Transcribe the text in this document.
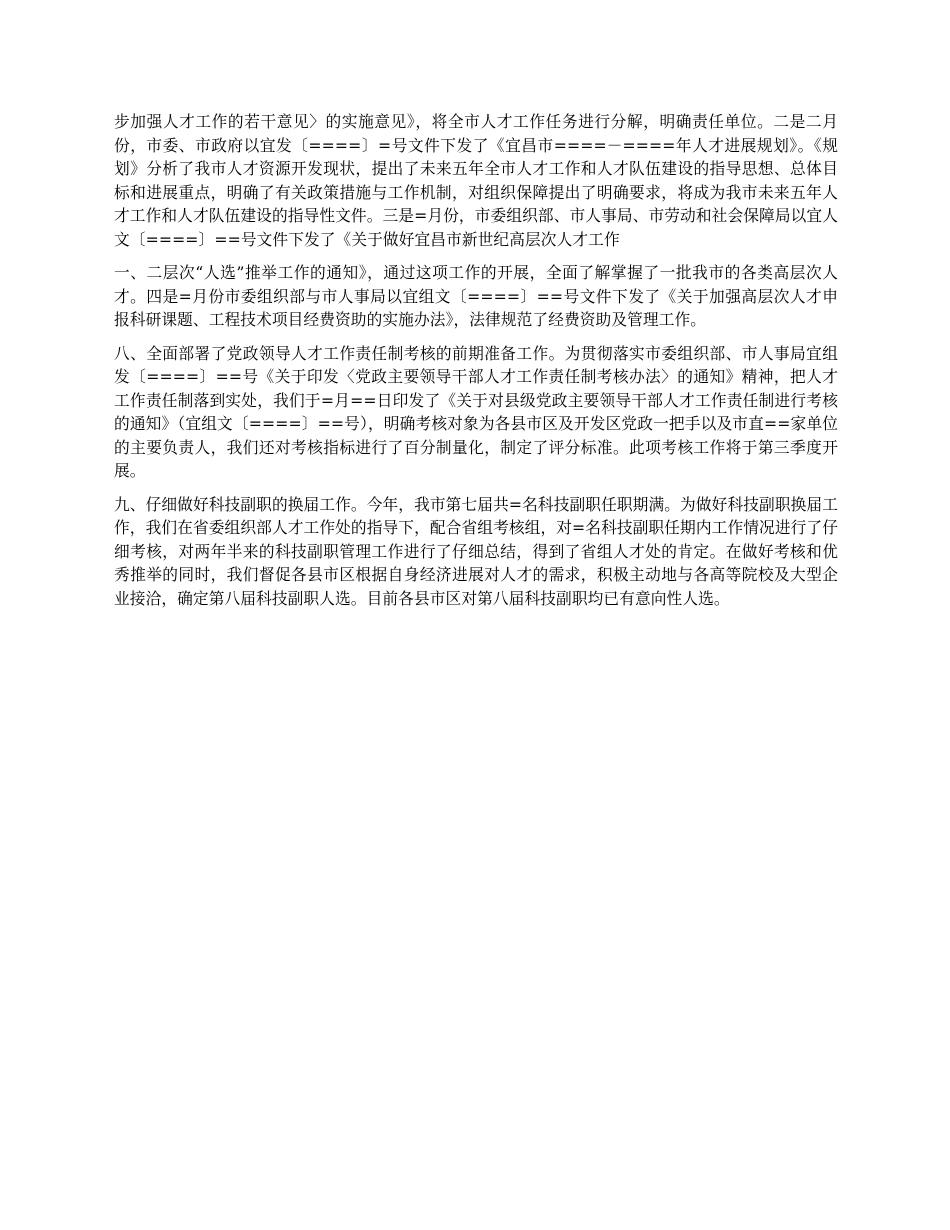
步加强人才工作的若干意见〉的实施意见》，将全市人才工作任务进行分解，明确责任单位。二是二月份，市委、市政府以宜发〔====〕=号文件下发了《宜昌市====－====年人才进展规划》。《规划》分析了我市人才资源开发现状，提出了未来五年全市人才工作和人才队伍建设的指导思想、总体目标和进展重点，明确了有关政策措施与工作机制，对组织保障提出了明确要求，将成为我市未来五年人才工作和人才队伍建设的指导性文件。三是=月份，市委组织部、市人事局、市劳动和社会保障局以宜人文〔====〕==号文件下发了《关于做好宜昌市新世纪高层次人才工作

一、二层次“人选”推举工作的通知》，通过这项工作的开展，全面了解掌握了一批我市的各类高层次人才。四是=月份市委组织部与市人事局以宜组文〔====〕==号文件下发了《关于加强高层次人才申报科研课题、工程技术项目经费资助的实施办法》，法律规范了经费资助及管理工作。

八、全面部署了党政领导人才工作责任制考核的前期准备工作。为贯彻落实市委组织部、市人事局宜组发〔====〕==号《关于印发〈党政主要领导干部人才工作责任制考核办法〉的通知》精神，把人才工作责任制落到实处，我们于=月==日印发了《关于对县级党政主要领导干部人才工作责任制进行考核的通知》（宜组文〔====〕==号），明确考核对象为各县市区及开发区党政一把手以及市直==家单位的主要负责人，我们还对考核指标进行了百分制量化，制定了评分标准。此项考核工作将于第三季度开展。

九、仔细做好科技副职的换届工作。今年，我市第七届共=名科技副职任职期满。为做好科技副职换届工作，我们在省委组织部人才工作处的指导下，配合省组考核组，对=名科技副职任期内工作情况进行了仔细考核，对两年半来的科技副职管理工作进行了仔细总结，得到了省组人才处的肯定。在做好考核和优秀推举的同时，我们督促各县市区根据自身经济进展对人才的需求，积极主动地与各高等院校及大型企业接洽，确定第八届科技副职人选。目前各县市区对第八届科技副职均已有意向性人选。
